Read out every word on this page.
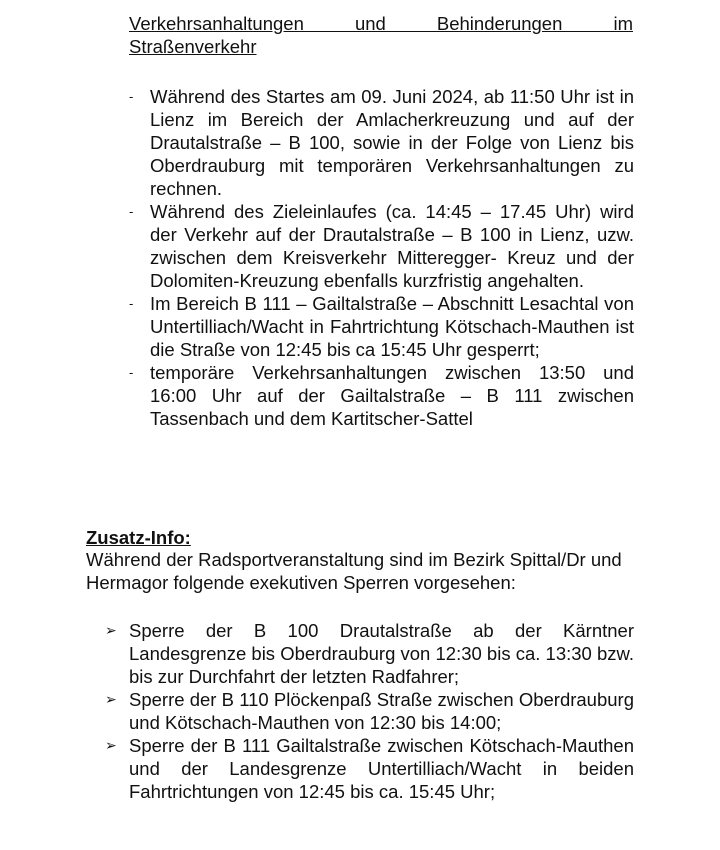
Verkehrsanhaltungen und Behinderungen im
Straßenverkehr
- Während des Startes am 09. Juni 2024, ab 11:50 Uhr ist in Lienz im Bereich der Amlacherkreuzung und auf der Drautalstraße – B 100, sowie in der Folge von Lienz bis Oberdrauburg mit temporären Verkehrsanhaltungen zu rechnen.
- Während des Zieleinlaufes (ca. 14:45 – 17.45 Uhr) wird der Verkehr auf der Drautalstraße – B 100 in Lienz, uzw. zwischen dem Kreisverkehr Mitteregger- Kreuz und der Dolomiten-Kreuzung ebenfalls kurzfristig angehalten.
- Im Bereich B 111 – Gailtalstraße – Abschnitt Lesachtal von Untertilliach/Wacht in Fahrtrichtung Kötschach-Mauthen ist die Straße von 12:45 bis ca 15:45 Uhr gesperrt;
- temporäre Verkehrsanhaltungen zwischen 13:50 und 16:00 Uhr auf der Gailtalstraße – B 111 zwischen Tassenbach und dem Kartitscher-Sattel
Zusatz-Info:
Während der Radsportveranstaltung sind im Bezirk Spittal/Dr und Hermagor folgende exekutiven Sperren vorgesehen:
➢ Sperre der B 100 Drautalstraße ab der Kärntner Landesgrenze bis Oberdrauburg von 12:30 bis ca. 13:30 bzw. bis zur Durchfahrt der letzten Radfahrer;
➢ Sperre der B 110 Plöckenpaß Straße zwischen Oberdrauburg und Kötschach-Mauthen von 12:30 bis 14:00;
➢ Sperre der B 111 Gailtalstraße zwischen Kötschach-Mauthen und der Landesgrenze Untertilliach/Wacht in beiden Fahrtrichtungen von 12:45 bis ca. 15:45 Uhr;
